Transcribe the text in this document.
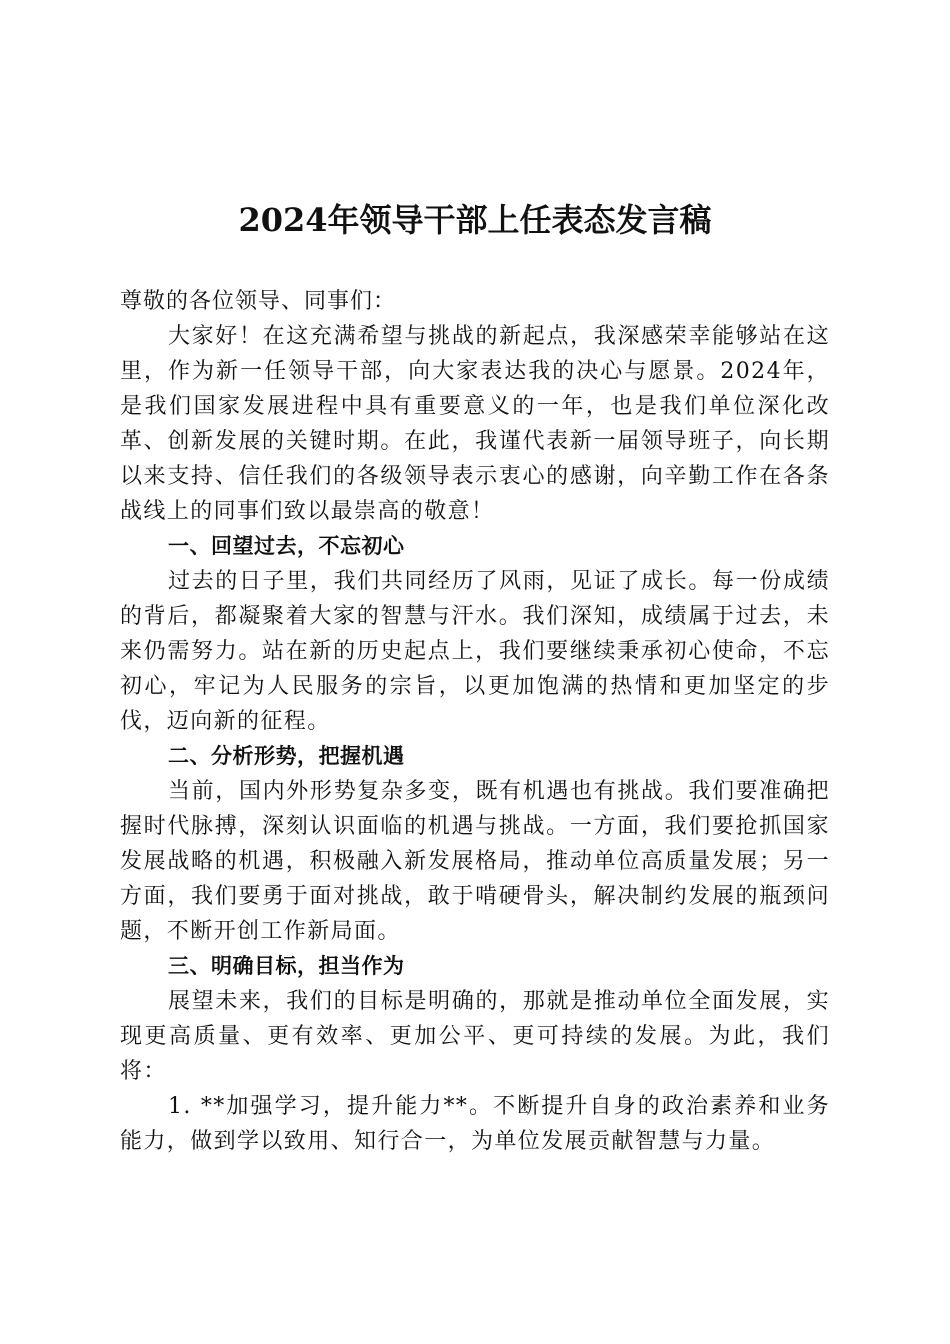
2024年领导干部上任表态发言稿

尊敬的各位领导、同事们：

大家好！在这充满希望与挑战的新起点，我深感荣幸能够站在这里，作为新一任领导干部，向大家表达我的决心与愿景。2024年，是我们国家发展进程中具有重要意义的一年，也是我们单位深化改革、创新发展的关键时期。在此，我谨代表新一届领导班子，向长期以来支持、信任我们的各级领导表示衷心的感谢，向辛勤工作在各条战线上的同事们致以最崇高的敬意！

一、回望过去，不忘初心

过去的日子里，我们共同经历了风雨，见证了成长。每一份成绩的背后，都凝聚着大家的智慧与汗水。我们深知，成绩属于过去，未来仍需努力。站在新的历史起点上，我们要继续秉承初心使命，不忘初心，牢记为人民服务的宗旨，以更加饱满的热情和更加坚定的步伐，迈向新的征程。

二、分析形势，把握机遇

当前，国内外形势复杂多变，既有机遇也有挑战。我们要准确把握时代脉搏，深刻认识面临的机遇与挑战。一方面，我们要抢抓国家发展战略的机遇，积极融入新发展格局，推动单位高质量发展；另一方面，我们要勇于面对挑战，敢于啃硬骨头，解决制约发展的瓶颈问题，不断开创工作新局面。

三、明确目标，担当作为

展望未来，我们的目标是明确的，那就是推动单位全面发展，实现更高质量、更有效率、更加公平、更可持续的发展。为此，我们将：

1. **加强学习，提升能力**。不断提升自身的政治素养和业务能力，做到学以致用、知行合一，为单位发展贡献智慧与力量。
